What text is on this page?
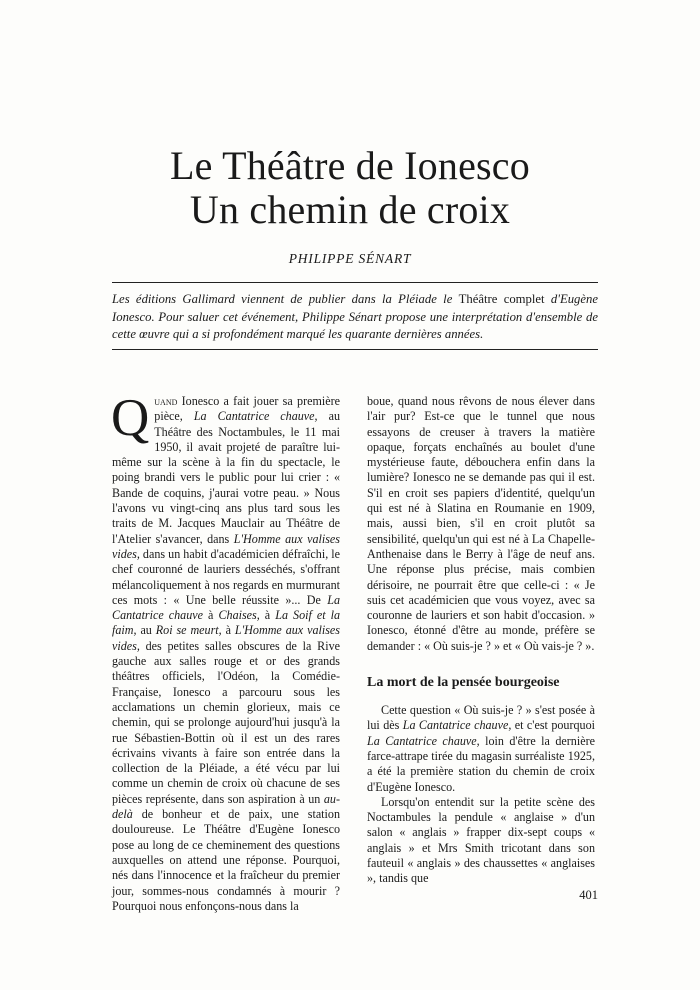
Le Théâtre de Ionesco
Un chemin de croix
PHILIPPE SÉNART

Les éditions Gallimard viennent de publier dans la Pléiade le Théâtre complet d'Eugène Ionesco. Pour saluer cet événement, Philippe Sénart propose une interprétation d'ensemble de cette œuvre qui a si profondément marqué les quarante dernières années.

Quand Ionesco a fait jouer sa première pièce, La Cantatrice chauve, au Théâtre des Noctambules, le 11 mai 1950, il avait projeté de paraître lui-même sur la scène à la fin du spectacle, le poing brandi vers le public pour lui crier : « Bande de coquins, j'aurai votre peau. » Nous l'avons vu vingt-cinq ans plus tard sous les traits de M. Jacques Mauclair au Théâtre de l'Atelier s'avancer, dans L'Homme aux valises vides, dans un habit d'académicien défraîchi, le chef couronné de lauriers desséchés, s'offrant mélancoliquement à nos regards en murmurant ces mots : « Une belle réussite »... De La Cantatrice chauve à Chaises, à La Soif et la faim, au Roi se meurt, à L'Homme aux valises vides, des petites salles obscures de la Rive gauche aux salles rouge et or des grands théâtres officiels, l'Odéon, la Comédie-Française, Ionesco a parcouru sous les acclamations un chemin glorieux, mais ce chemin, qui se prolonge aujourd'hui jusqu'à la rue Sébastien-Bottin où il est un des rares écrivains vivants à faire son entrée dans la collection de la Pléiade, a été vécu par lui comme un chemin de croix où chacune de ses pièces représente, dans son aspiration à un au-delà de bonheur et de paix, une station douloureuse. Le Théâtre d'Eugène Ionesco pose au long de ce cheminement des questions auxquelles on attend une réponse. Pourquoi, nés dans l'innocence et la fraîcheur du premier jour, sommes-nous condamnés à mourir ? Pourquoi nous enfonçons-nous dans la

boue, quand nous rêvons de nous élever dans l'air pur? Est-ce que le tunnel que nous essayons de creuser à travers la matière opaque, forçats enchaînés au boulet d'une mystérieuse faute, débouchera enfin dans la lumière? Ionesco ne se demande pas qui il est. S'il en croit ses papiers d'identité, quelqu'un qui est né à Slatina en Roumanie en 1909, mais, aussi bien, s'il en croit plutôt sa sensibilité, quelqu'un qui est né à La Chapelle-Anthenaise dans le Berry à l'âge de neuf ans. Une réponse plus précise, mais combien dérisoire, ne pourrait être que celle-ci : « Je suis cet académicien que vous voyez, avec sa couronne de lauriers et son habit d'occasion. » Ionesco, étonné d'être au monde, préfère se demander : « Où suis-je ? » et « Où vais-je ? ».

La mort de la pensée bourgeoise

Cette question « Où suis-je ? » s'est posée à lui dès La Cantatrice chauve, et c'est pourquoi La Cantatrice chauve, loin d'être la dernière farce-attrape tirée du magasin surréaliste 1925, a été la première station du chemin de croix d'Eugène Ionesco.

Lorsqu'on entendit sur la petite scène des Noctambules la pendule « anglaise » d'un salon « anglais » frapper dix-sept coups « anglais » et Mrs Smith tricotant dans son fauteuil « anglais » des chaussettes « anglaises », tandis que

401
